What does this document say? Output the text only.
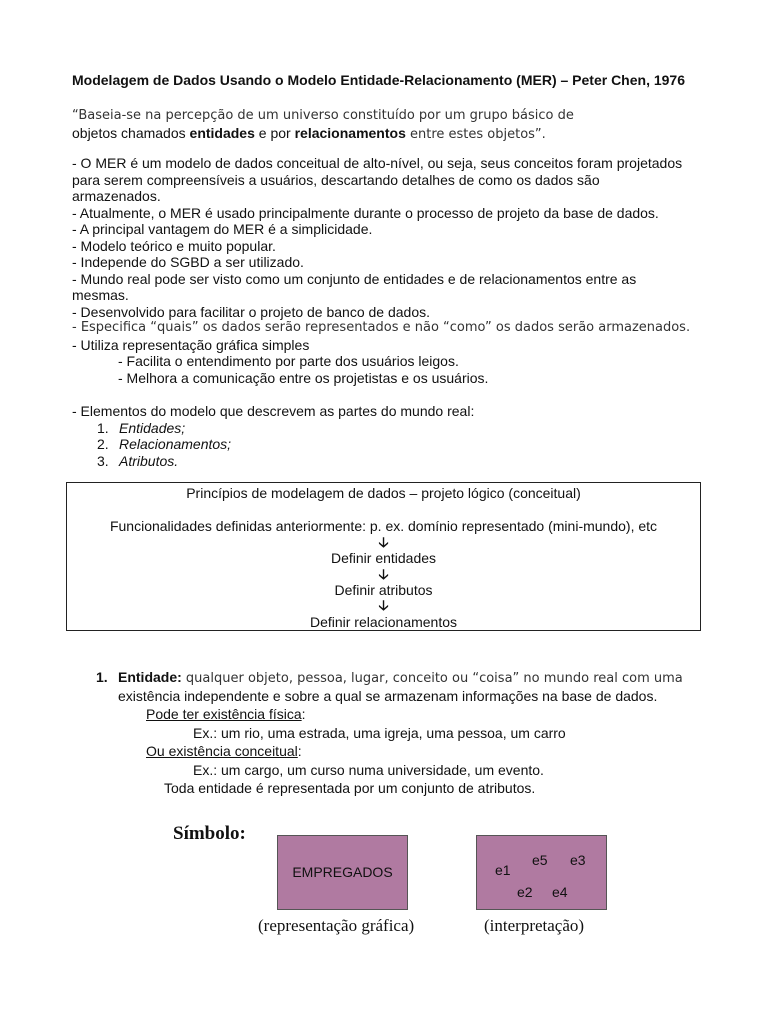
Modelagem de Dados Usando o Modelo Entidade-Relacionamento (MER) – Peter Chen, 1976
“Baseia-se na percepção de um universo constituído por um grupo básico de
objetos chamados entidades e por relacionamentos entre estes objetos”.
- O MER é um modelo de dados conceitual de alto-nível, ou seja, seus conceitos foram projetados
para serem compreensíveis a usuários, descartando detalhes de como os dados são
armazenados.
- Atualmente, o MER é usado principalmente durante o processo de projeto da base de dados.
- A principal vantagem do MER é a simplicidade.
- Modelo teórico e muito popular.
- Independe do SGBD a ser utilizado.
- Mundo real pode ser visto como um conjunto de entidades e de relacionamentos entre as
mesmas.
- Desenvolvido para facilitar o projeto de banco de dados.
- Especifica “quais” os dados serão representados e não “como” os dados serão armazenados.
- Utiliza representação gráfica simples
- Facilita o entendimento por parte dos usuários leigos.
- Melhora a comunicação entre os projetistas e os usuários.
- Elementos do modelo que descrevem as partes do mundo real:
1. Entidades;
2. Relacionamentos;
3. Atributos.
Princípios de modelagem de dados – projeto lógico (conceitual)
Funcionalidades definidas anteriormente: p. ex. domínio representado (mini-mundo), etc
🡣
Definir entidades
🡣
Definir atributos
🡣
Definir relacionamentos
1. Entidade: qualquer objeto, pessoa, lugar, conceito ou “coisa” no mundo real com uma
existência independente e sobre a qual se armazenam informações na base de dados.
Pode ter existência física:
Ex.: um rio, uma estrada, uma igreja, uma pessoa, um carro
Ou existência conceitual:
Ex.: um cargo, um curso numa universidade, um evento.
Toda entidade é representada por um conjunto de atributos.
Símbolo:
EMPREGADOS	e1
e5 e3
e2 e4
(representação gráfica)	(interpretação)
